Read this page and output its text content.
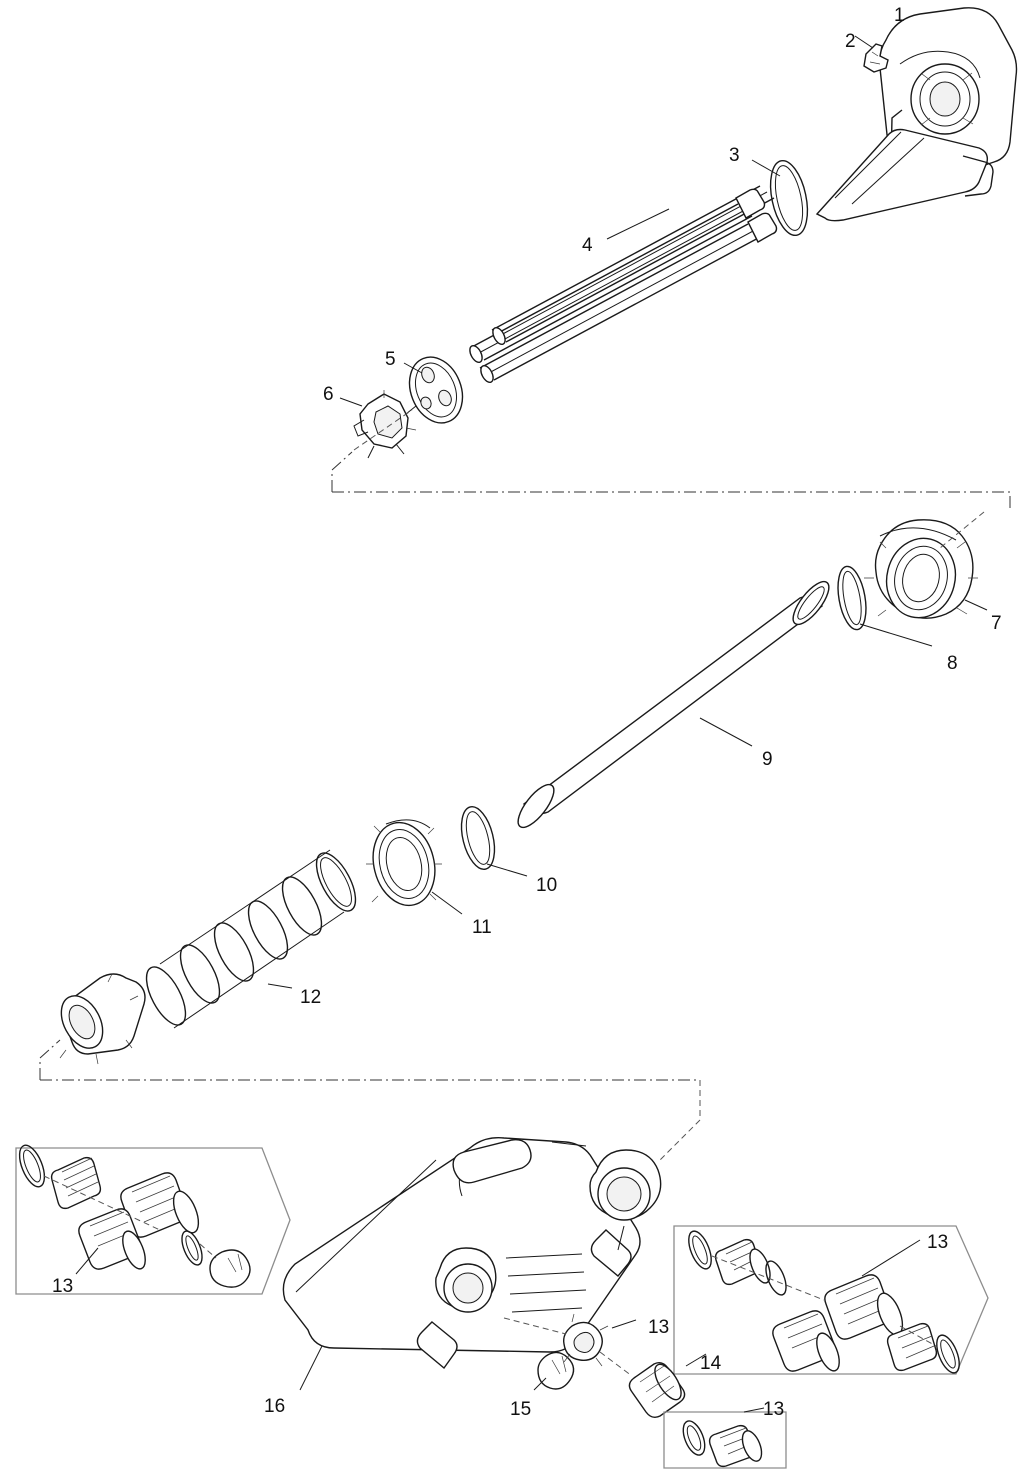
1
2
3
4
5
6
7
8
9
10
11
12
13
13
13
13
14
15
16
